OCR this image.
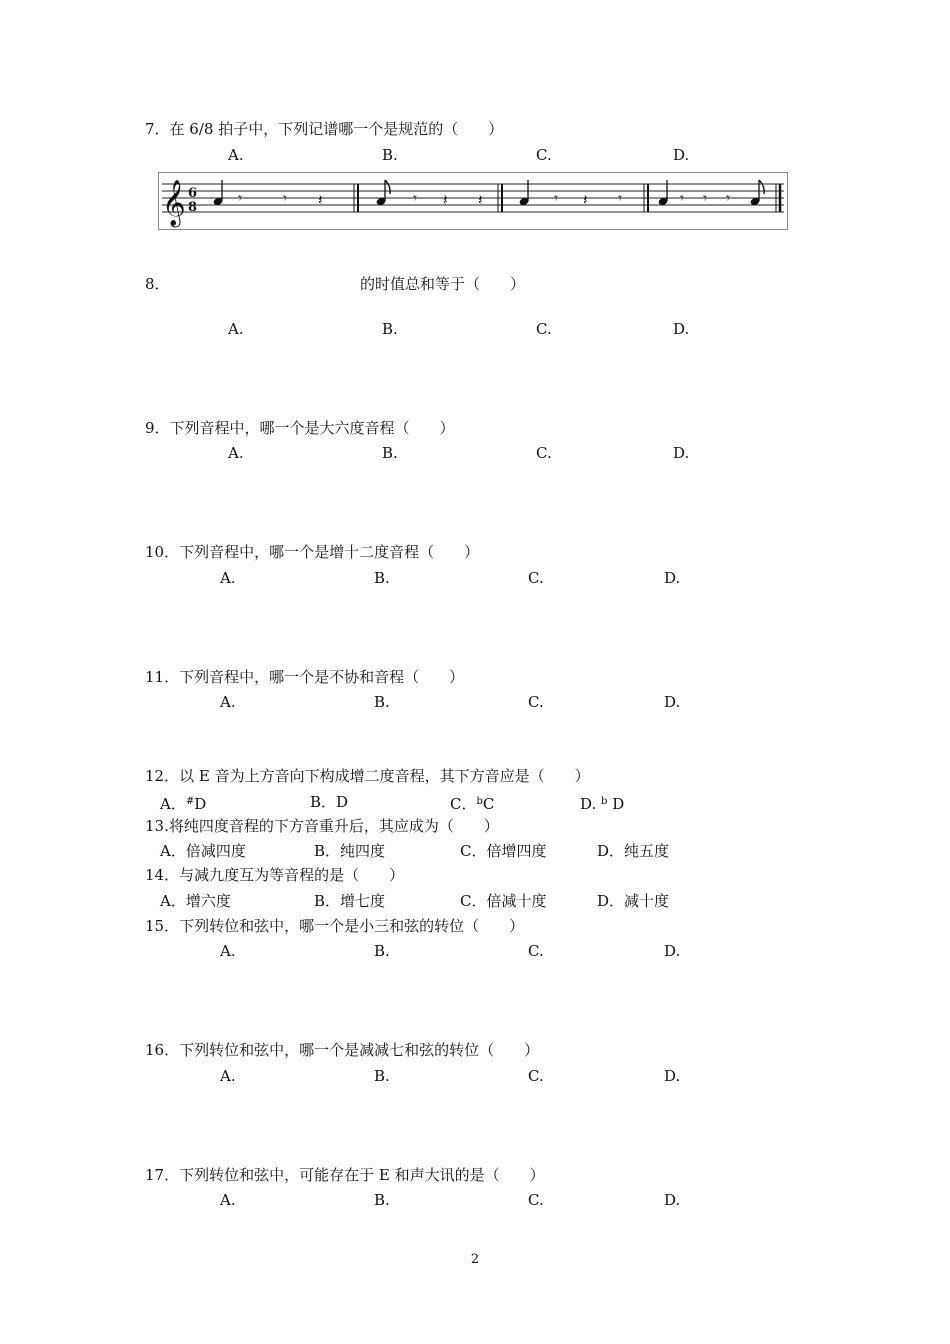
7．在 6/8 拍子中，下列记谱哪一个是规范的（　　）
A.	B.	C.	D.
𝄞 6
8
𝄾	𝄾 𝄽	𝄾 𝄽 𝄽	𝄾 𝄽 𝄾	𝄾 𝄾 𝄾
8．	的时值总和等于（　　）
A.	B.	C.	D.
9．下列音程中，哪一个是大六度音程（　　）
A.	B.	C.	D.
10．下列音程中，哪一个是增十二度音程（　　）
A.	B.	C.	D.
11．下列音程中，哪一个是不协和音程（　　）
A.	B.	C.	D.
12．以 E 音为上方音向下构成增二度音程，其下方音应是（　　）
A．#D	B．D	C．$^b$C	D. $^b$ D
13.将纯四度音程的下方音重升后，其应成为（　　）
A．倍减四度	B．纯四度	C．倍增四度	D．纯五度
14．与减九度互为等音程的是（　　）
A．增六度	B．增七度	C．倍减十度	D．减十度
15．下列转位和弦中，哪一个是小三和弦的转位（　　）
A.	B.	C.	D.
16．下列转位和弦中，哪一个是减减七和弦的转位（　　）
A.	B.	C.	D.
17．下列转位和弦中，可能存在于 E 和声大讯的是（　　）
A.	B.	C.	D.
2
